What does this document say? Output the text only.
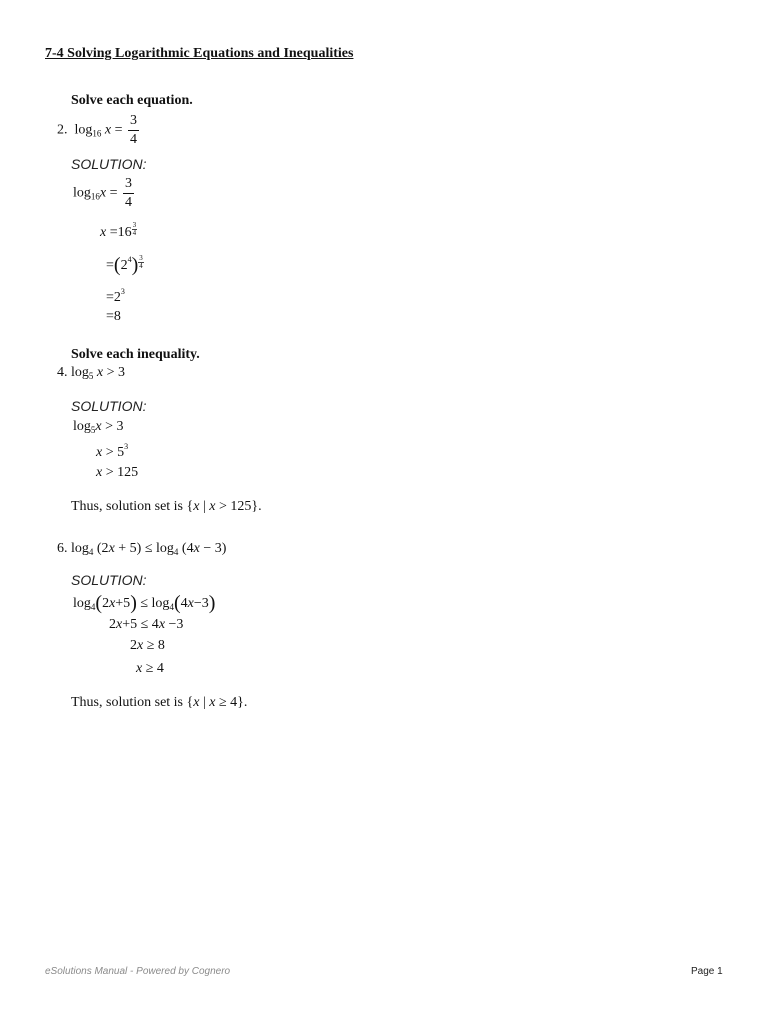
7-4 Solving Logarithmic Equations and Inequalities
Solve each equation.
2. $\log_{16} x = \frac{3}{4}$
SOLUTION:
$\log_{16}x = \frac{3}{4}$
$x =16 \frac{3}{4}$
$=(2^4) \frac{3}{4}$
$=2^3$
=8
Solve each inequality.
4. $\log_5 x > 3$
SOLUTION:
$\log_5x > 3$
$x > 5^3$
x > 125
Thus, solution set is {x | x > 125}.
6. $\log_4 (2x + 5) \le \log_4 (4x - 3)$
SOLUTION:
$\log_4(2x+5) \le \log_4(4x-3)$
2x+5 ≤ 4x −3
2x ≥ 8
x ≥ 4
Thus, solution set is {x | x ≥ 4}.
eSolutions Manual - Powered by Cognero	Page 1
